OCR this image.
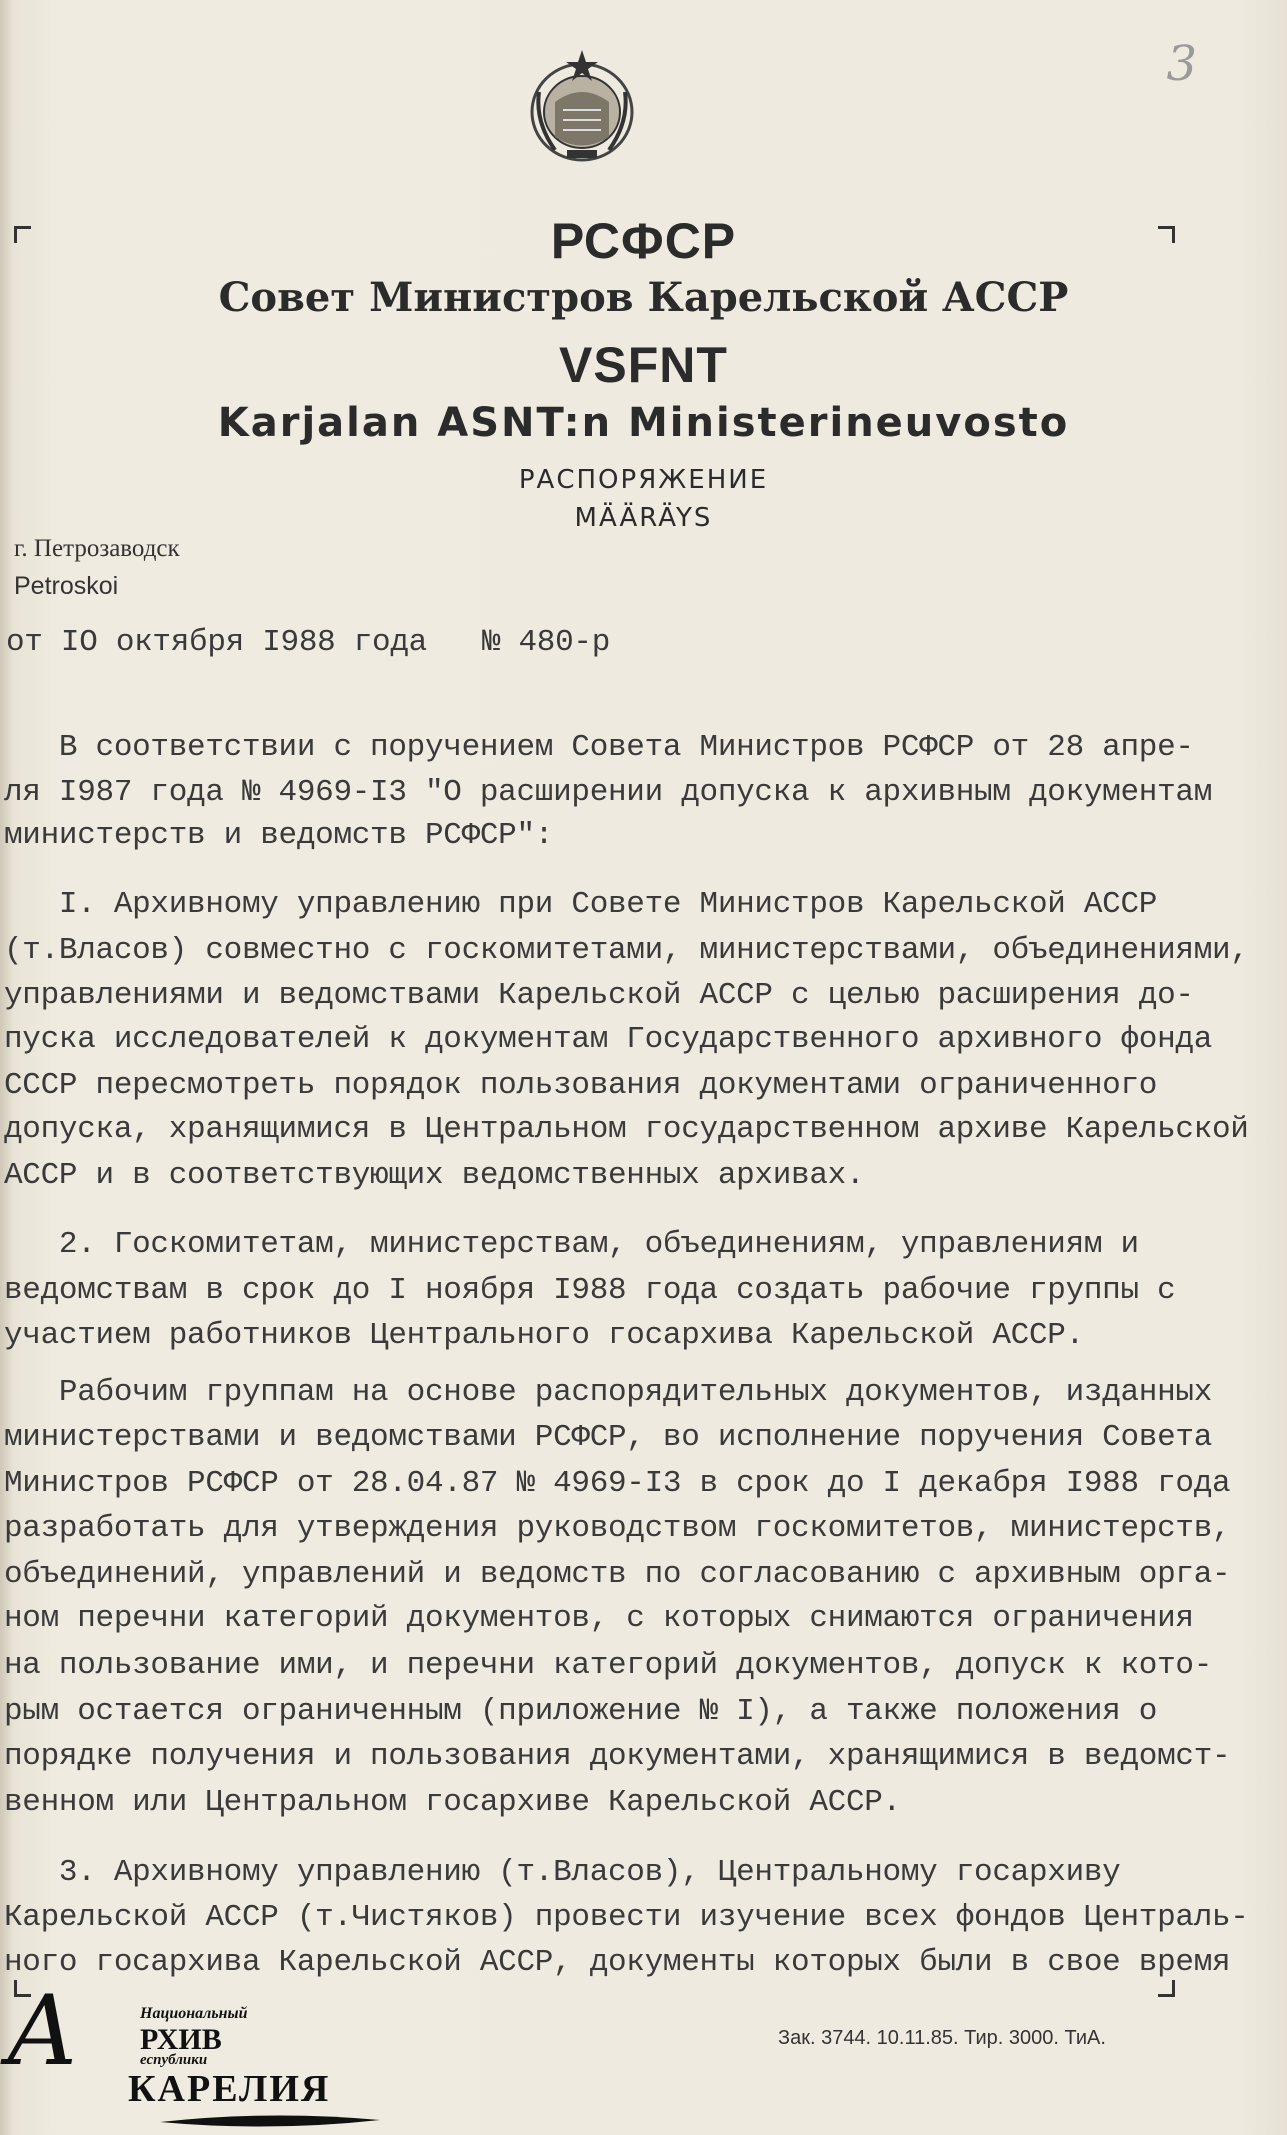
3
РСФСР
Совет Министров Карельской АССР
VSFNT
Karjalan ASNT:n Ministerineuvosto
РАСПОРЯЖЕНИЕ
MÄÄRÄYS
г. Петрозаводск
Petroskoi

от IO октября I988 года   № 480-р

В соответствии с поручением Совета Министров РСФСР от 28 апре-
ля I987 года № 4969-I3 "О расширении допуска к архивным документам
министерств и ведомств РСФСР":
I. Архивному управлению при Совете Министров Карельской АССР
(т.Власов) совместно с госкомитетами, министерствами, объединениями,
управлениями и ведомствами Карельской АССР с целью расширения до-
пуска исследователей к документам Государственного архивного фонда
СССР пересмотреть порядок пользования документами ограниченного
допуска, хранящимися в Центральном государственном архиве Карельской
АССР и в соответствующих ведомственных архивах.
2. Госкомитетам, министерствам, объединениям, управлениям и
ведомствам в срок до I ноября I988 года создать рабочие группы с
участием работников Центрального госархива Карельской АССР.
Рабочим группам на основе распорядительных документов, изданных
министерствами и ведомствами РСФСР, во исполнение поручения Совета
Министров РСФСР от 28.04.87 № 4969-I3 в срок до I декабря I988 года
разработать для утверждения руководством госкомитетов, министерств,
объединений, управлений и ведомств по согласованию с архивным орга-
ном перечни категорий документов, с которых снимаются ограничения
на пользование ими, и перечни категорий документов, допуск к кото-
рым остается ограниченным (приложение № I), а также положения о
порядке получения и пользования документами, хранящимися в ведомст-
венном или Центральном госархиве Карельской АССР.
3. Архивному управлению (т.Власов), Центральному госархиву
Карельской АССР (т.Чистяков) провести изучение всех фондов Централь-
ного госархива Карельской АССР, документы которых были в свое время

Зак. 3744. 10.11.85. Тир. 3000. ТиА.
А	Национальный
РХИВ
еспублики
КАРЕЛИЯ
